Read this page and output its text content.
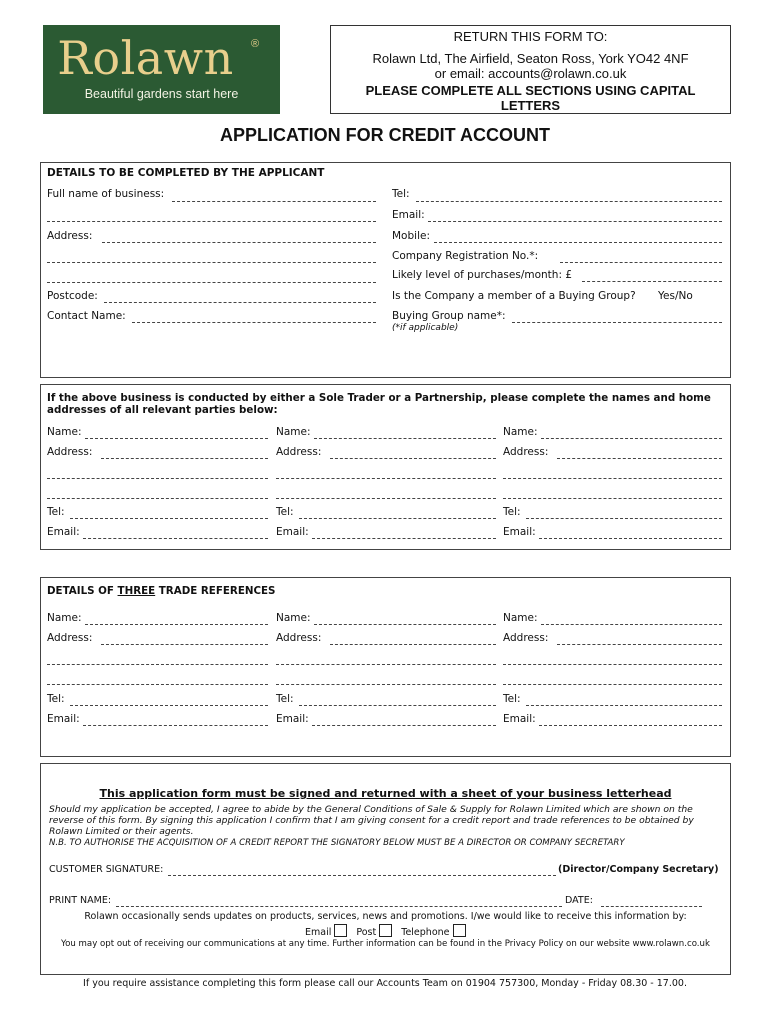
Rolawn	®
Beautiful gardens start here
RETURN THIS FORM TO:
Rolawn Ltd, The Airfield, Seaton Ross, York YO42 4NF
or email: accounts@rolawn.co.uk
PLEASE COMPLETE ALL SECTIONS USING CAPITAL LETTERS
APPLICATION FOR CREDIT ACCOUNT
DETAILS TO BE COMPLETED BY THE APPLICANT
Full name of business:
Address:
Postcode:
Contact Name:
Tel:
Email:
Mobile:
Company Registration No.*:
Likely level of purchases/month: £
Is the Company a member of a Buying Group? Yes/No
Buying Group name*:
(*if applicable)
If the above business is conducted by either a Sole Trader or a Partnership, please complete the names and home addresses of all relevant parties below:
Name:
Address:
Tel:
Email:
Name:
Address:
Tel:
Email:
Name:
Address:
Tel:
Email:
DETAILS OF THREE TRADE REFERENCES
Name:
Address:
Tel:
Email:
Name:
Address:
Tel:
Email:
Name:
Address:
Tel:
Email:
This application form must be signed and returned with a sheet of your business letterhead
Should my application be accepted, I agree to abide by the General Conditions of Sale & Supply for Rolawn Limited which are shown on the reverse of this form. By signing this application I confirm that I am giving consent for a credit report and trade references to be obtained by Rolawn Limited or their agents.
N.B. TO AUTHORISE THE ACQUISITION OF A CREDIT REPORT THE SIGNATORY BELOW MUST BE A DIRECTOR OR COMPANY SECRETARY
CUSTOMER SIGNATURE:	(Director/Company Secretary)
PRINT NAME:	DATE:
Rolawn occasionally sends updates on products, services, news and promotions. I/we would like to receive this information by:
Email	Post	Telephone
You may opt out of receiving our communications at any time. Further information can be found in the Privacy Policy on our website www.rolawn.co.uk
If you require assistance completing this form please call our Accounts Team on 01904 757300, Monday - Friday 08.30 - 17.00.
